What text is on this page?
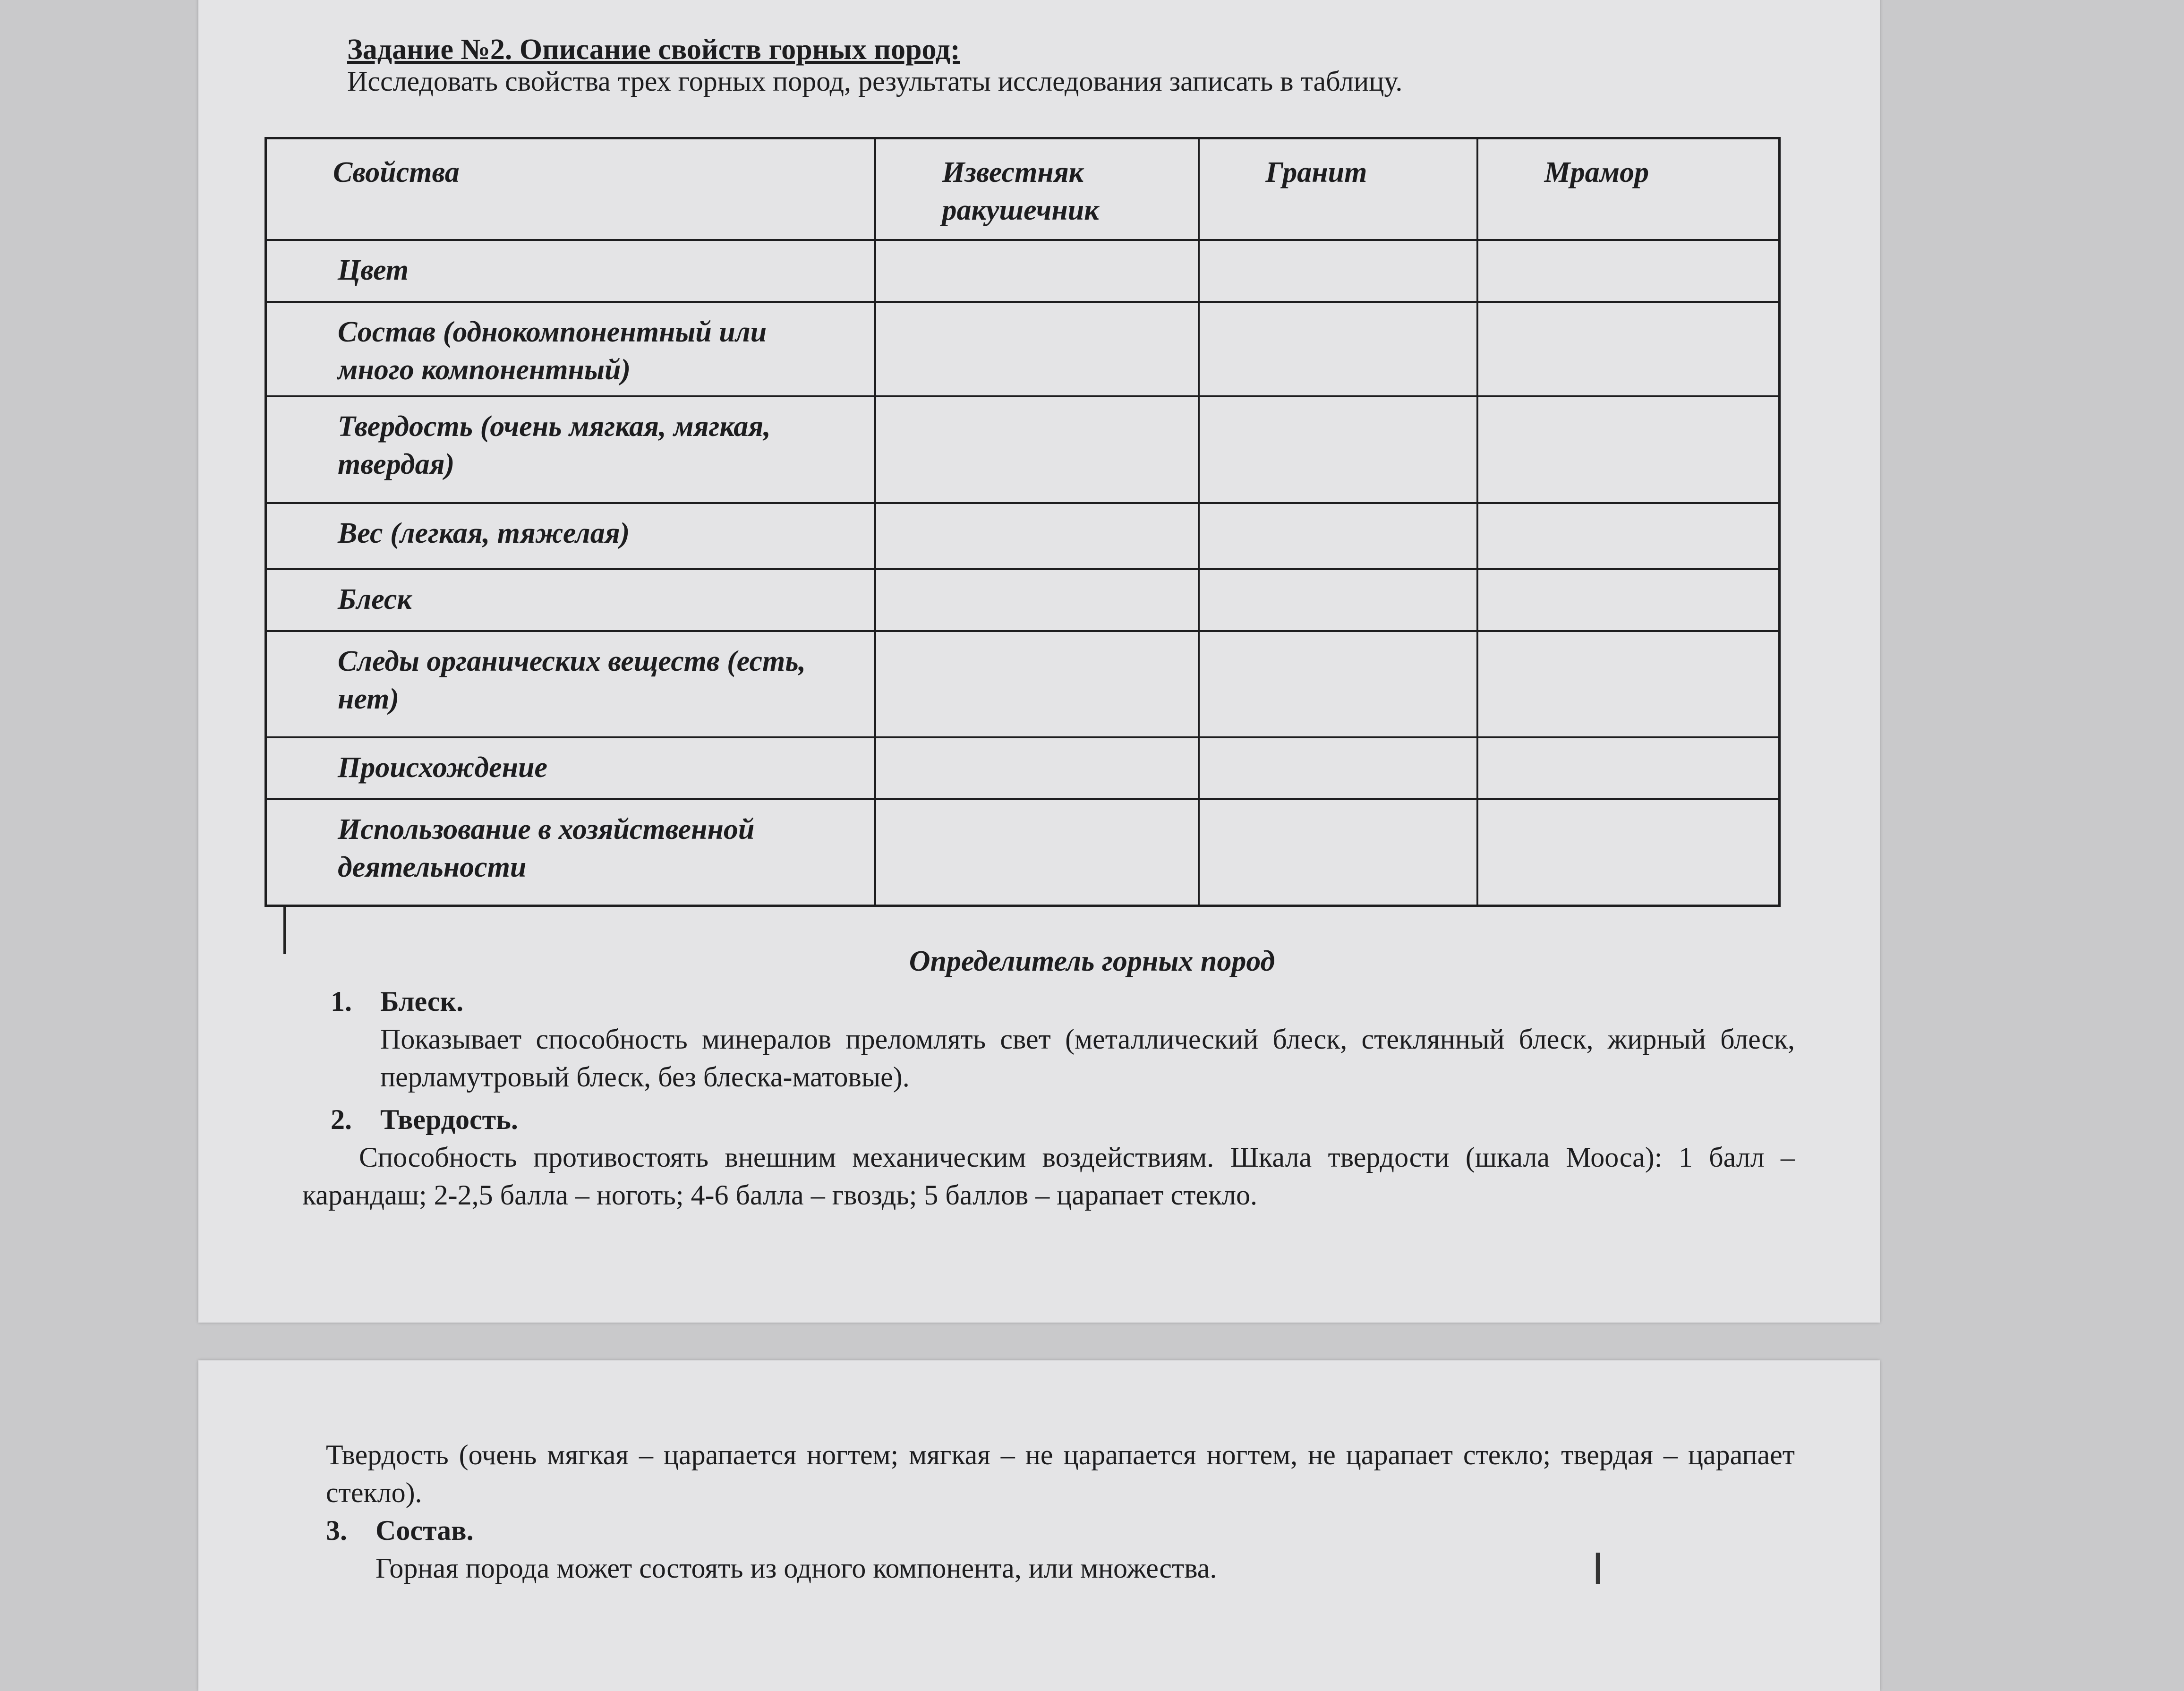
Задание №2. Описание свойств горных пород:
Исследовать свойства трех горных пород, результаты исследования записать в таблицу.
Свойства	Известняк ракушечник	Гранит	Мрамор
Цвет			
Состав (однокомпонентный или много компонентный)			
Твердость (очень мягкая, мягкая, твердая)			
Вес (легкая, тяжелая)			
Блеск			
Следы органических веществ (есть, нет)			
Происхождение			
Использование в хозяйственной деятельности			
Определитель горных пород
1. Блеск.
Показывает способность минералов преломлять свет (металлический блеск, стеклянный блеск, жирный блеск, перламутровый блеск, без блеска-матовые).
2. Твердость.
Способность противостоять внешним механическим воздействиям. Шкала твердости (шкала Мооса): 1 балл – карандаш; 2-2,5 балла – ноготь; 4-6 балла – гвоздь; 5 баллов – царапает стекло.
Твердость (очень мягкая – царапается ногтем; мягкая – не царапается ногтем, не царапает стекло; твердая – царапает стекло).
3. Состав.
Горная порода может состоять из одного компонента, или множества.	I
